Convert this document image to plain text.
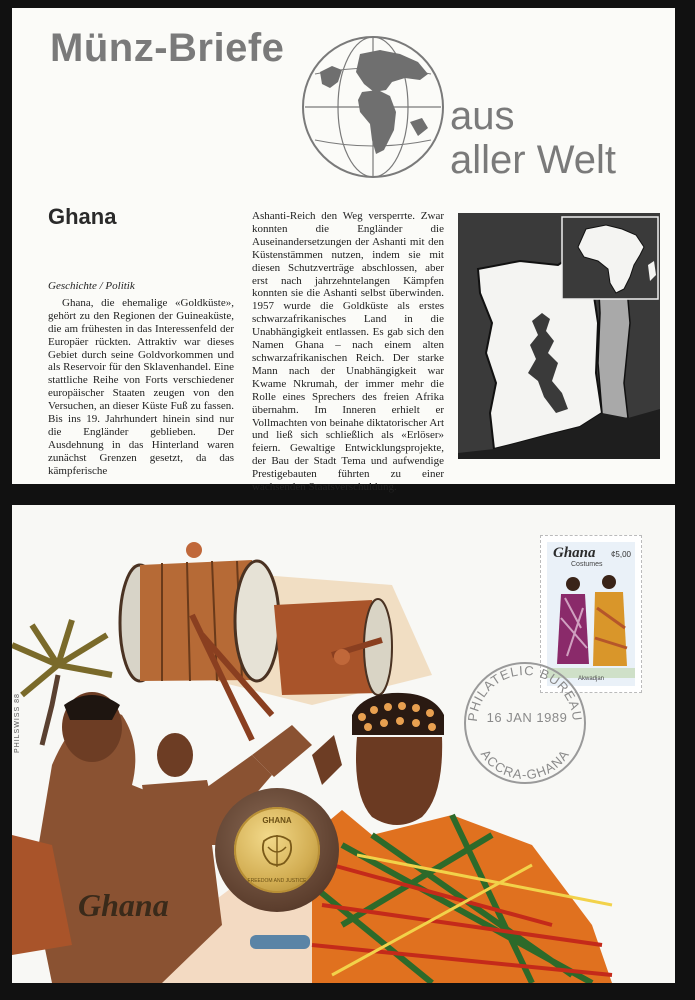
Münz-Briefe
aus
aller Welt
Ghana
Geschichte / Politik
Ghana, die ehemalige «Goldküste», gehört zu den Regionen der Guineaküste, die am frühesten in das Interessenfeld der Europäer rückten. Attraktiv war dieses Gebiet durch seine Goldvorkommen und als Reservoir für den Sklavenhandel. Eine stattliche Reihe von Forts verschiedener europäischer Staaten zeugen von den Versuchen, an dieser Küste Fuß zu fassen. Bis ins 19. Jahrhundert hinein sind nur die Engländer geblieben. Der Ausdehnung in das Hinterland waren zunächst Grenzen gesetzt, da das kämpferische
Ashanti-Reich den Weg versperrte. Zwar konnten die Engländer die Auseinandersetzungen der Ashanti mit den Küstenstämmen nutzen, indem sie mit diesen Schutzverträge abschlossen, aber erst nach jahrzehntelangen Kämpfen konnten sie die Ashanti selbst überwinden. 1957 wurde die Goldküste als erstes schwarzafrikanisches Land in die Unabhängigkeit entlassen. Es gab sich den Namen Ghana – nach einem alten schwarzafrikanischen Reich. Der starke Mann nach der Unabhängigkeit war Kwame Nkrumah, der immer mehr die Rolle eines Sprechers des freien Afrika übernahm. Im Inneren erhielt er Vollmachten von beinahe diktatorischer Art und ließ sich schließlich als «Erlöser» feiern. Gewaltige Entwicklungsprojekte, der Bau der Stadt Tema und aufwendige Prestigebauten führten zu einer wachsenden Staatsverschuldung.
PHILSWISS 88
Ghana
Ghana ¢5,00
Costumes
Akwadjan
PHILATELIC BUREAU
ACCRA-GHANA
16 JAN 1989
GHANA
FREEDOM AND JUSTICE
